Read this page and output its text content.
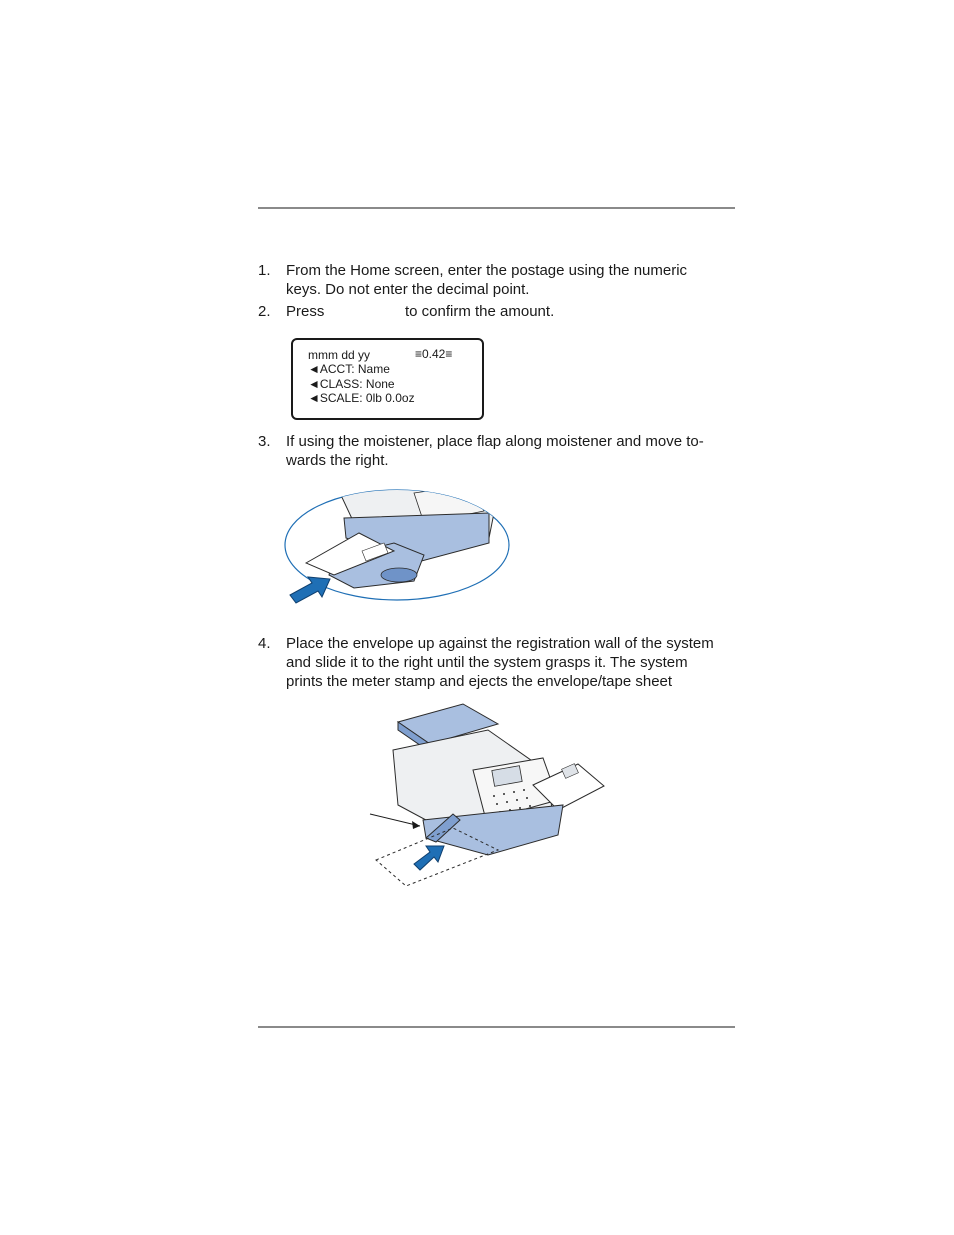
1. From the Home screen, enter the postage using the numeric
keys. Do not enter the decimal point.
2. Press	to confirm the amount.
mmm dd yy	≡0.42≡
◄ACCT: Name
◄CLASS: None
◄SCALE: 0lb 0.0oz
3. If using the moistener, place flap along moistener and move to-
wards the right.
4. Place the envelope up against the registration wall of the system
and slide it to the right until the system grasps it. The system
prints the meter stamp and ejects the envelope/tape sheet
